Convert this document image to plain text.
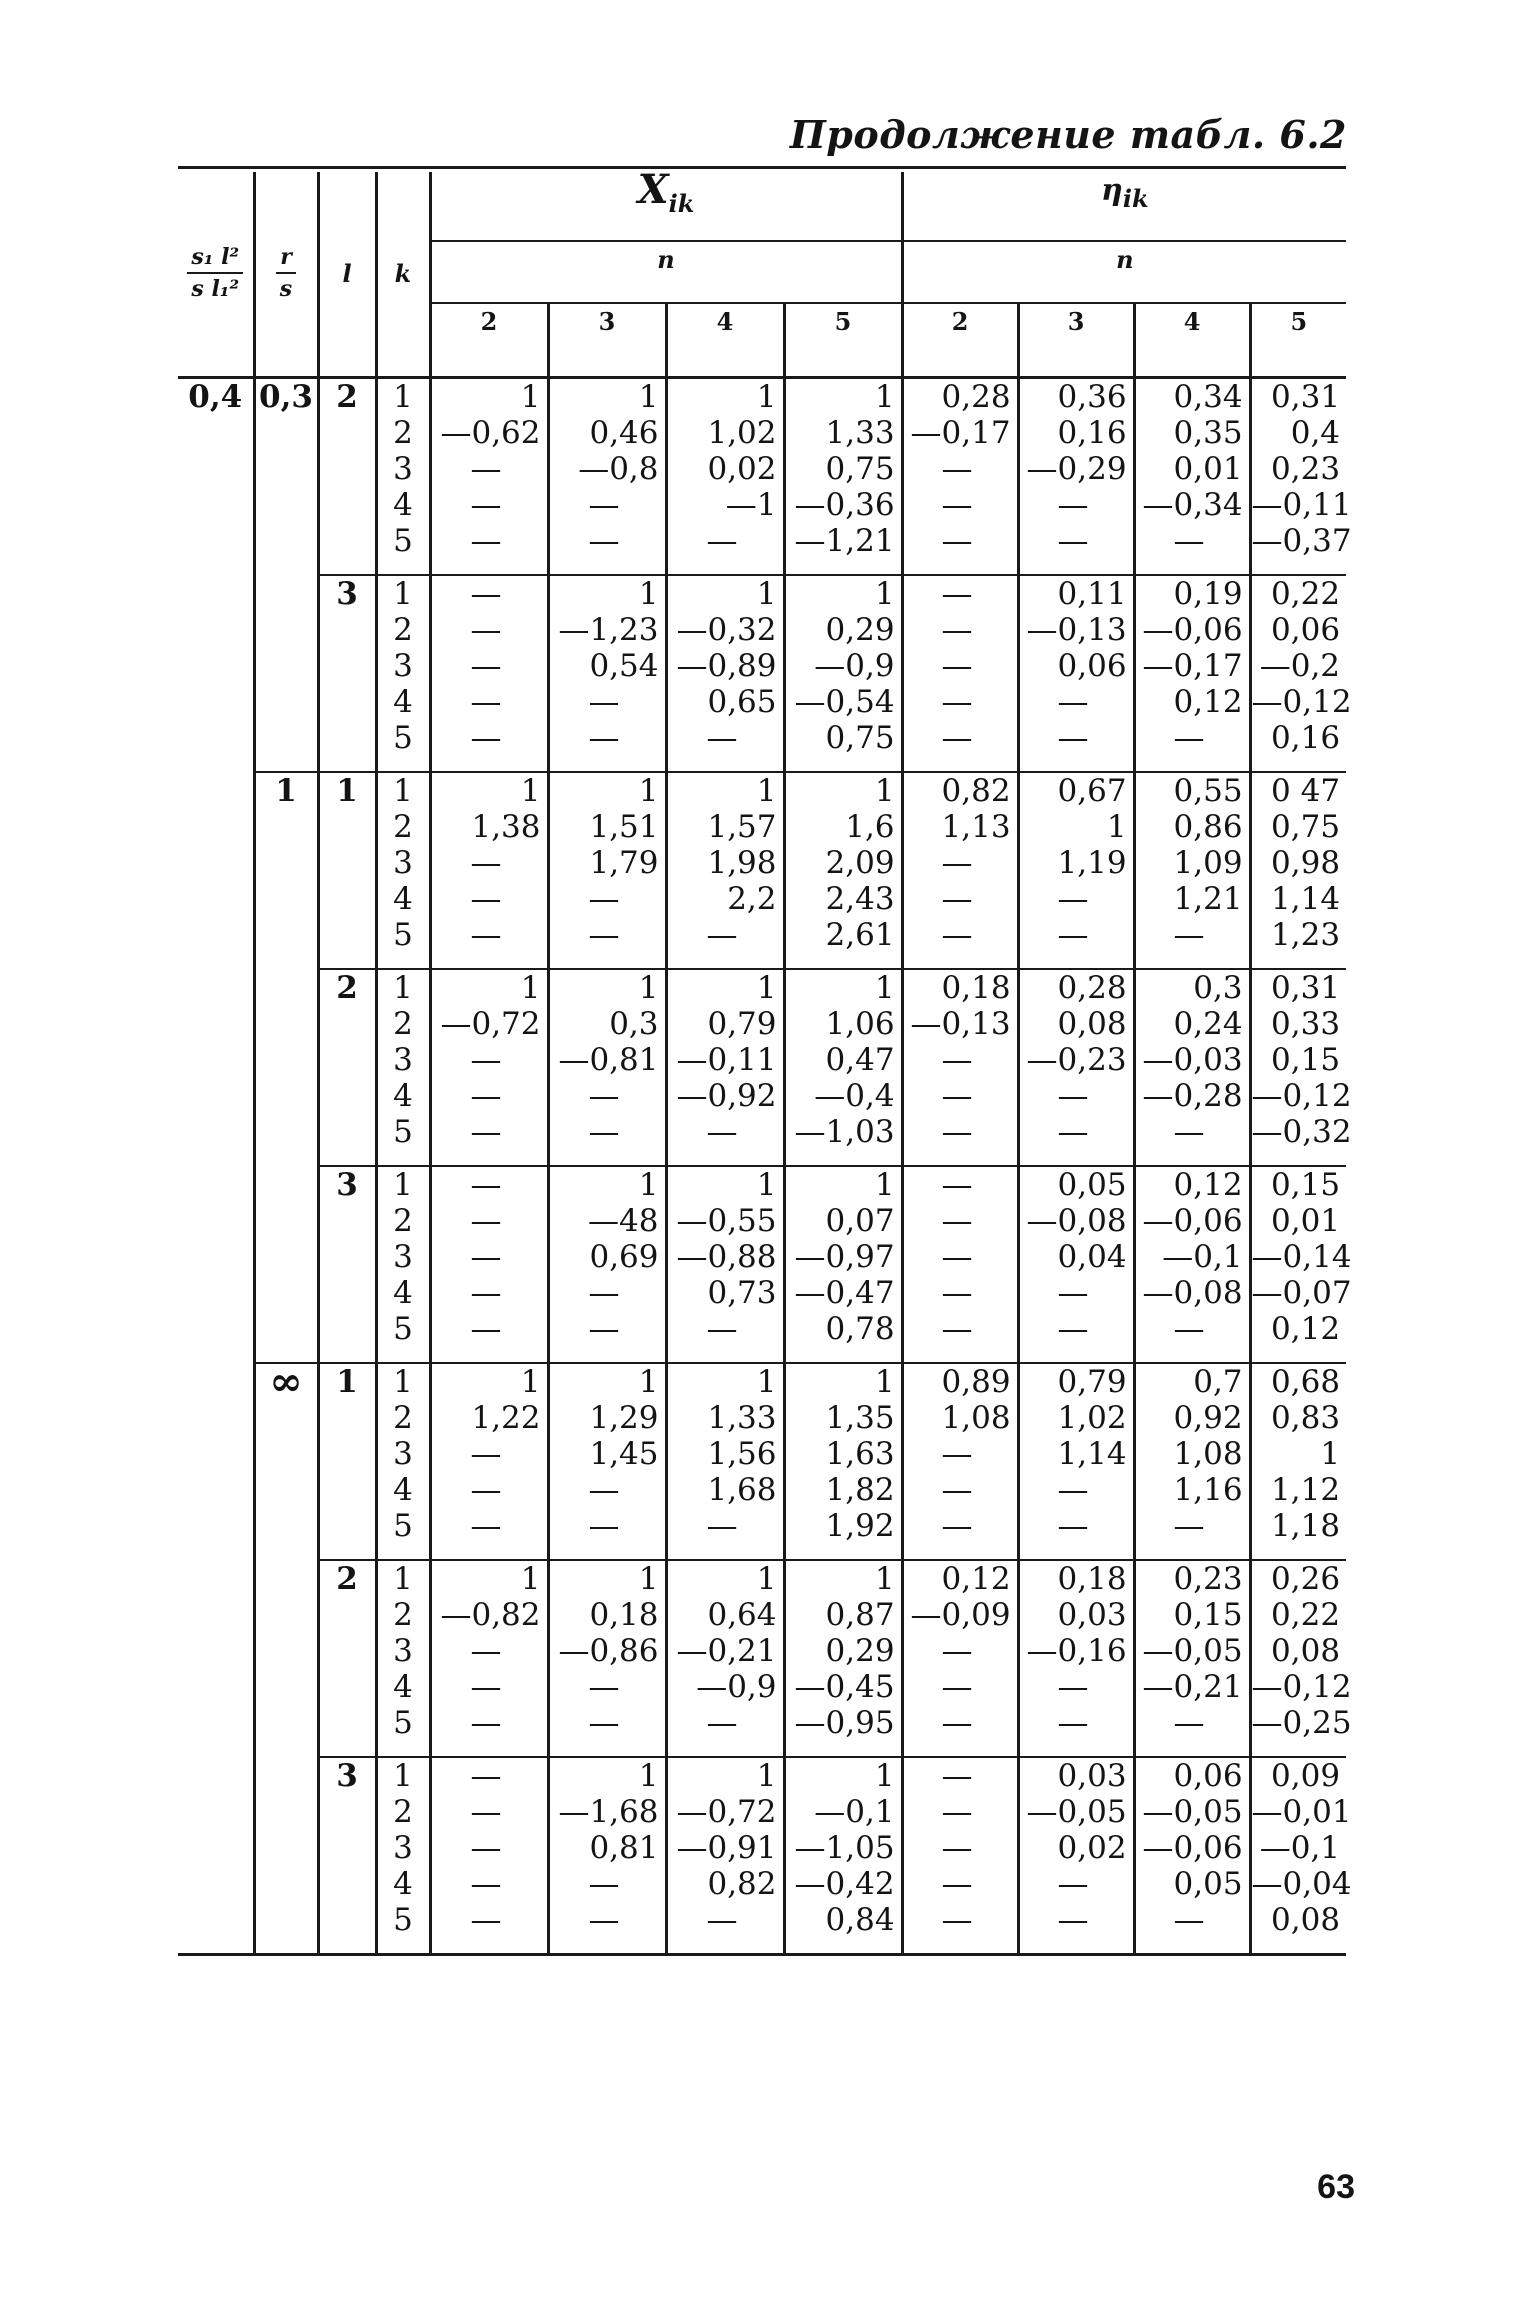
Продолжение табл. 6.2
$\frac{\text{s₁ l²}}{\text{s l₁²}}$	$\frac{r}{s}$	l	k	$X_{ik}$				$\eta_{ik}$
				n				n			
				2	3	4	5	2	3	4	5
0,4	0,3	2	1	1	1	1	1	0,28	0,36	0,34	0,31
			2	—0,62	0,46	1,02	1,33	—0,17	0,16	0,35	0,4
			3	—	—0,8	0,02	0,75	—	—0,29	0,01	0,23
			4	—	—	—1	—0,36	—	—	—0,34	—0,11
			5	—	—	—	—1,21	—	—	—	—0,37
		3	1	—	1	1	1	—	0,11	0,19	0,22
			2	—	—1,23	—0,32	0,29	—	—0,13	—0,06	0,06
			3	—	0,54	—0,89	—0,9	—	0,06	—0,17	—0,2
			4	—	—	0,65	—0,54	—	—	0,12	—0,12
			5	—	—	—	0,75	—	—	—	0,16
	1	1	1	1	1	1	1	0,82	0,67	0,55	0 47
			2	1,38	1,51	1,57	1,6	1,13	1	0,86	0,75
			3	—	1,79	1,98	2,09	—	1,19	1,09	0,98
			4	—	—	2,2	2,43	—	—	1,21	1,14
			5	—	—	—	2,61	—	—	—	1,23
		2	1	1	1	1	1	0,18	0,28	0,3	0,31
			2	—0,72	0,3	0,79	1,06	—0,13	0,08	0,24	0,33
			3	—	—0,81	—0,11	0,47	—	—0,23	—0,03	0,15
			4	—	—	—0,92	—0,4	—	—	—0,28	—0,12
			5	—	—	—	—1,03	—	—	—	—0,32
		3	1	—	1	1	1	—	0,05	0,12	0,15
			2	—	—48	—0,55	0,07	—	—0,08	—0,06	0,01
			3	—	0,69	—0,88	—0,97	—	0,04	—0,1	—0,14
			4	—	—	0,73	—0,47	—	—	—0,08	—0,07
			5	—	—	—	0,78	—	—	—	0,12
	∞	1	1	1	1	1	1	0,89	0,79	0,7	0,68
			2	1,22	1,29	1,33	1,35	1,08	1,02	0,92	0,83
			3	—	1,45	1,56	1,63	—	1,14	1,08	1
			4	—	—	1,68	1,82	—	—	1,16	1,12
			5	—	—	—	1,92	—	—	—	1,18
		2	1	1	1	1	1	0,12	0,18	0,23	0,26
			2	—0,82	0,18	0,64	0,87	—0,09	0,03	0,15	0,22
			3	—	—0,86	—0,21	0,29	—	—0,16	—0,05	0,08
			4	—	—	—0,9	—0,45	—	—	—0,21	—0,12
			5	—	—	—	—0,95	—	—	—	—0,25
		3	1	—	1	1	1	—	0,03	0,06	0,09
			2	—	—1,68	—0,72	—0,1	—	—0,05	—0,05	—0,01
			3	—	0,81	—0,91	—1,05	—	0,02	—0,06	—0,1
			4	—	—	0,82	—0,42	—	—	0,05	—0,04
			5	—	—	—	0,84	—	—	—	0,08
63
